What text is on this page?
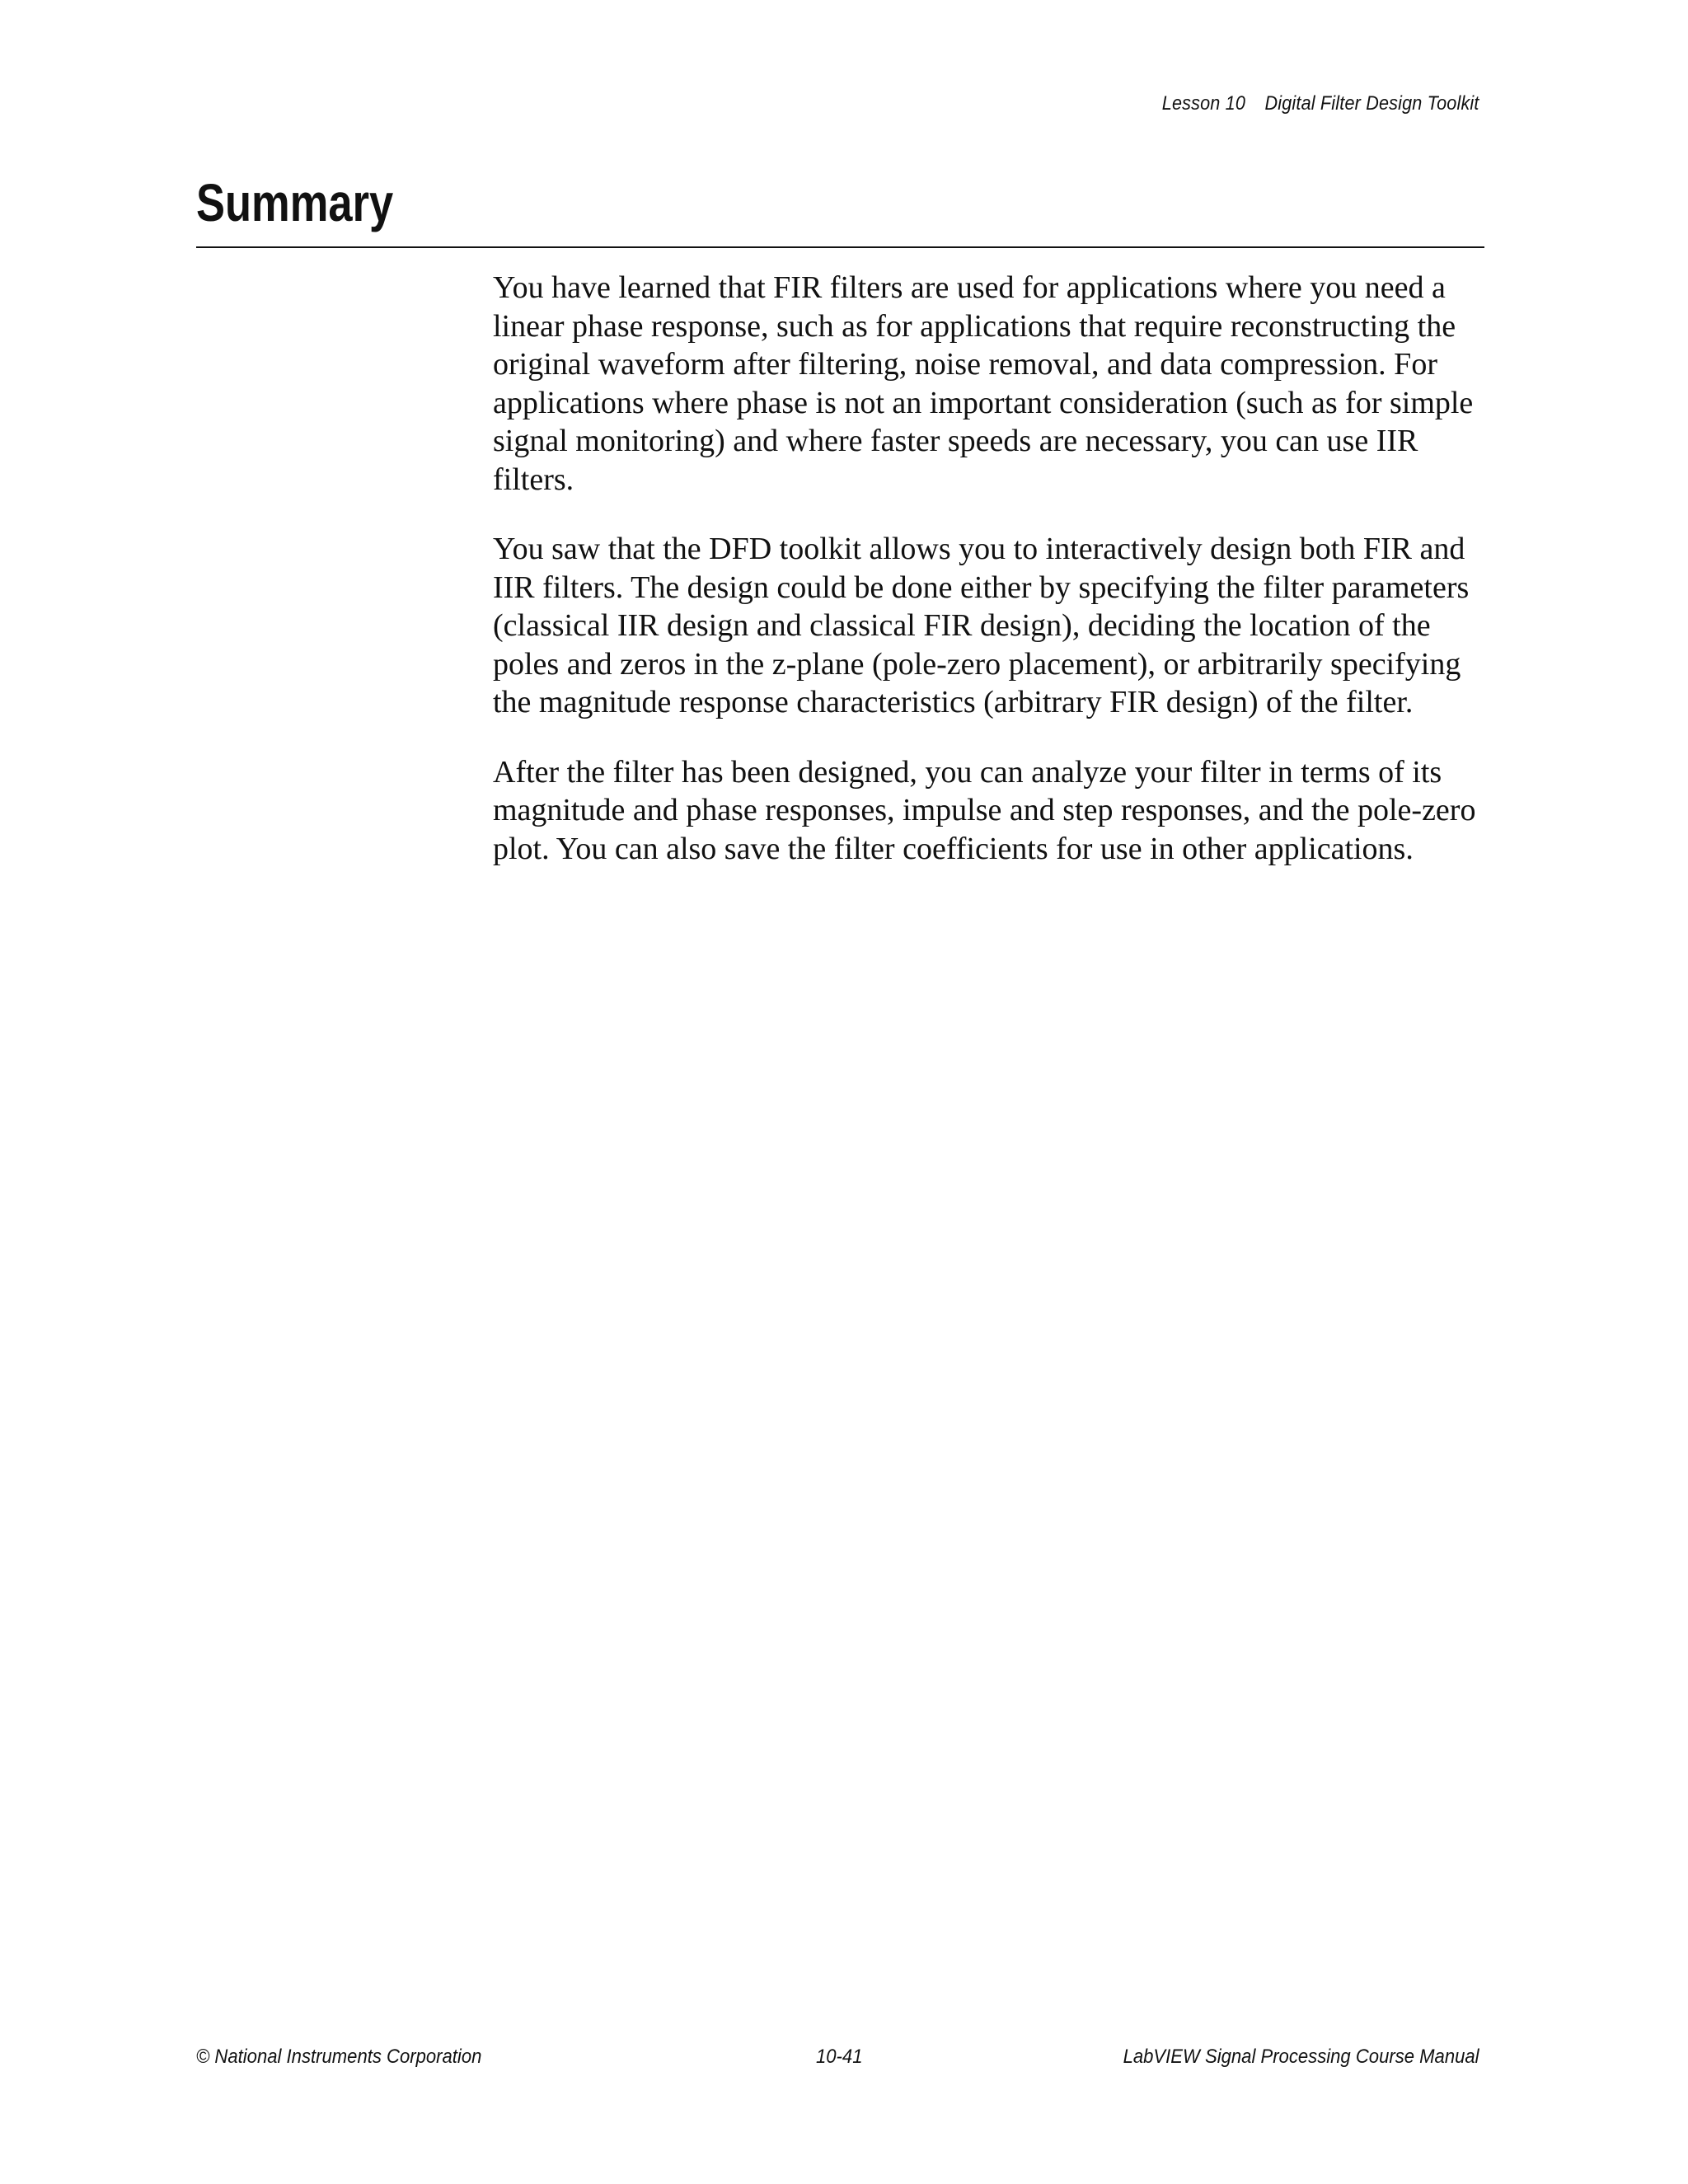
Lesson 10 Digital Filter Design Toolkit
Summary

You have learned that FIR filters are used for applications where you need a linear phase response, such as for applications that require reconstructing the original waveform after filtering, noise removal, and data compression. For applications where phase is not an important consideration (such as for simple signal monitoring) and where faster speeds are necessary, you can use IIR filters.

You saw that the DFD toolkit allows you to interactively design both FIR and IIR filters. The design could be done either by specifying the filter parameters (classical IIR design and classical FIR design), deciding the location of the poles and zeros in the z-plane (pole-zero placement), or arbitrarily specifying the magnitude response characteristics (arbitrary FIR design) of the filter.

After the filter has been designed, you can analyze your filter in terms of its magnitude and phase responses, impulse and step responses, and the pole-zero plot. You can also save the filter coefficients for use in other applications.

© National Instruments Corporation	10-41	LabVIEW Signal Processing Course Manual
